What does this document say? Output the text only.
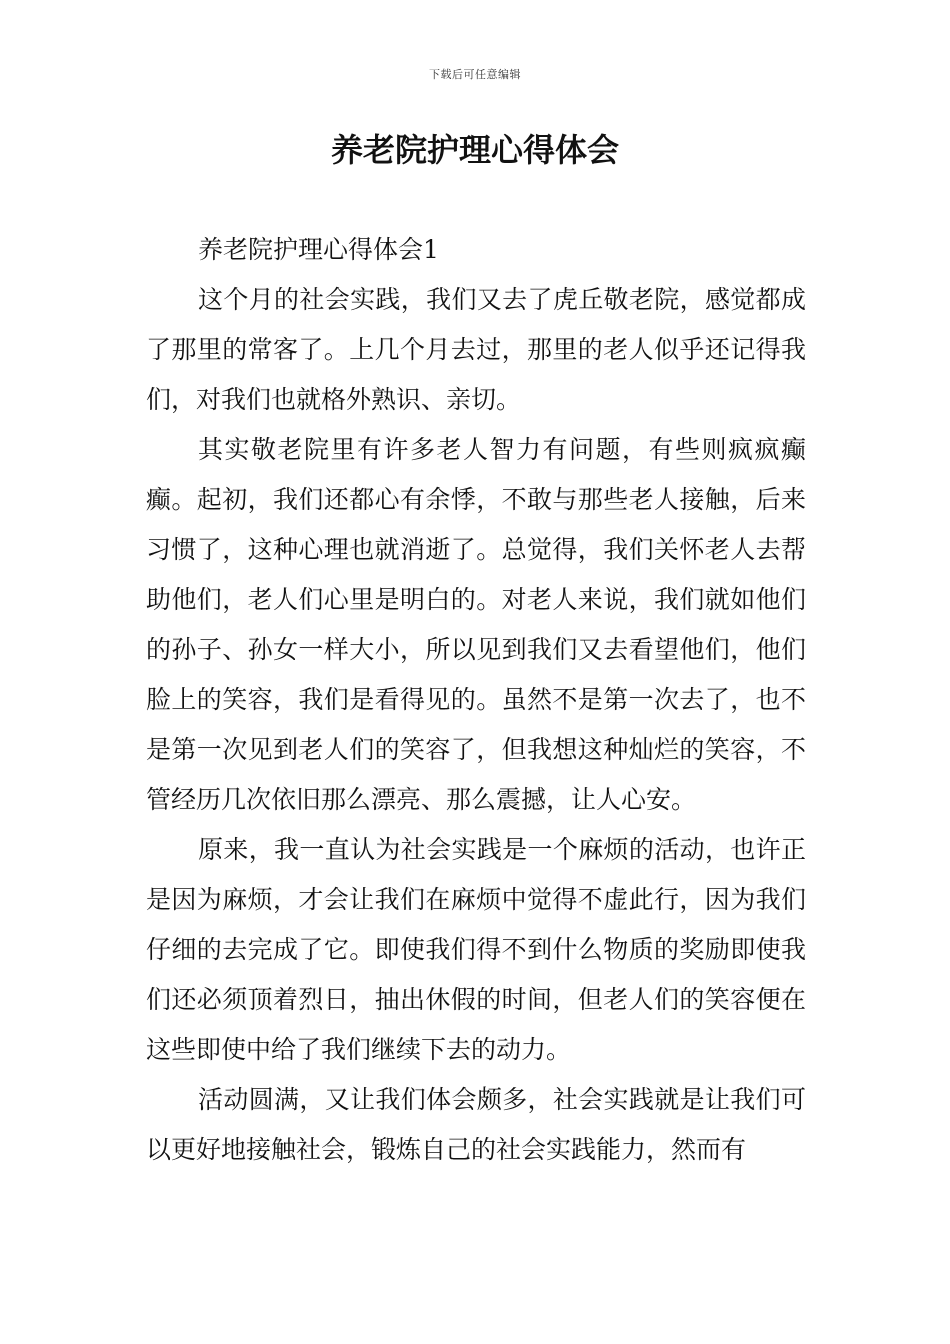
下载后可任意编辑
养老院护理心得体会

养老院护理心得体会1

这个月的社会实践，我们又去了虎丘敬老院，感觉都成了那里的常客了。上几个月去过，那里的老人似乎还记得我们，对我们也就格外熟识、亲切。

其实敬老院里有许多老人智力有问题，有些则疯疯癫癫。起初，我们还都心有余悸，不敢与那些老人接触，后来习惯了，这种心理也就消逝了。总觉得，我们关怀老人去帮助他们，老人们心里是明白的。对老人来说，我们就如他们的孙子、孙女一样大小，所以见到我们又去看望他们，他们脸上的笑容，我们是看得见的。虽然不是第一次去了，也不是第一次见到老人们的笑容了，但我想这种灿烂的笑容，不管经历几次依旧那么漂亮、那么震撼，让人心安。

原来，我一直认为社会实践是一个麻烦的活动，也许正是因为麻烦，才会让我们在麻烦中觉得不虚此行，因为我们仔细的去完成了它。即使我们得不到什么物质的奖励即使我们还必须顶着烈日，抽出休假的时间，但老人们的笑容便在这些即使中给了我们继续下去的动力。

活动圆满，又让我们体会颇多，社会实践就是让我们可以更好地接触社会，锻炼自己的社会实践能力，然而有
